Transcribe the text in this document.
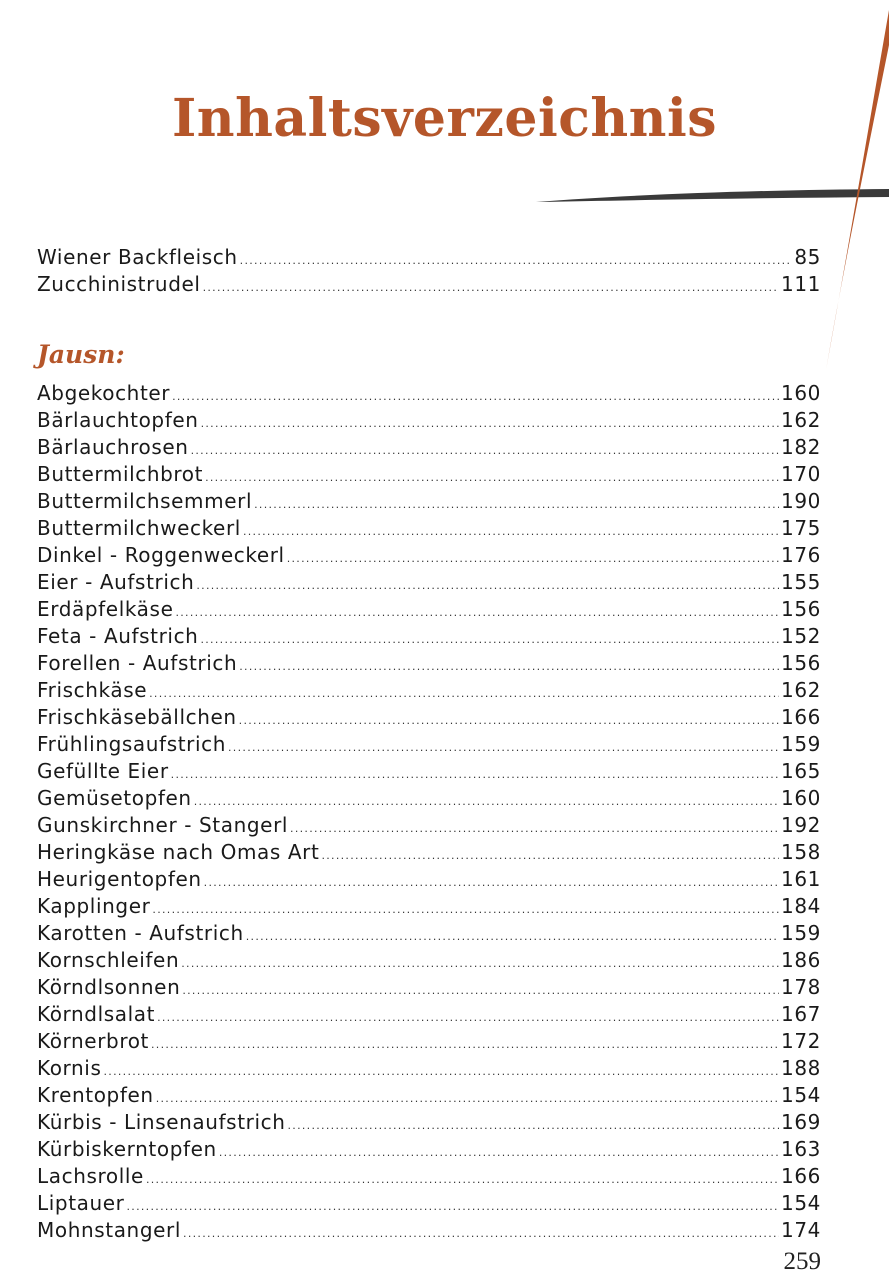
Inhaltsverzeichnis
Wiener Backfleisch .....	85
Zucchinistrudel .....	111
Jausn:
Abgekochter .....	160
Bärlauchtopfen .....	162
Bärlauchrosen .....	182
Buttermilchbrot .....	170
Buttermilchsemmerl .....	190
Buttermilchweckerl .....	175
Dinkel - Roggenweckerl .....	176
Eier - Aufstrich .....	155
Erdäpfelkäse .....	156
Feta - Aufstrich .....	152
Forellen - Aufstrich .....	156
Frischkäse .....	162
Frischkäsebällchen .....	166
Frühlingsaufstrich .....	159
Gefüllte Eier .....	165
Gemüsetopfen .....	160
Gunskirchner - Stangerl .....	192
Heringkäse nach Omas Art .....	158
Heurigentopfen .....	161
Kapplinger .....	184
Karotten - Aufstrich .....	159
Kornschleifen .....	186
Körndlsonnen .....	178
Körndlsalat .....	167
Körnerbrot .....	172
Kornis .....	188
Krentopfen .....	154
Kürbis - Linsenaufstrich .....	169
Kürbiskerntopfen .....	163
Lachsrolle .....	166
Liptauer .....	154
Mohnstangerl .....	174
259
